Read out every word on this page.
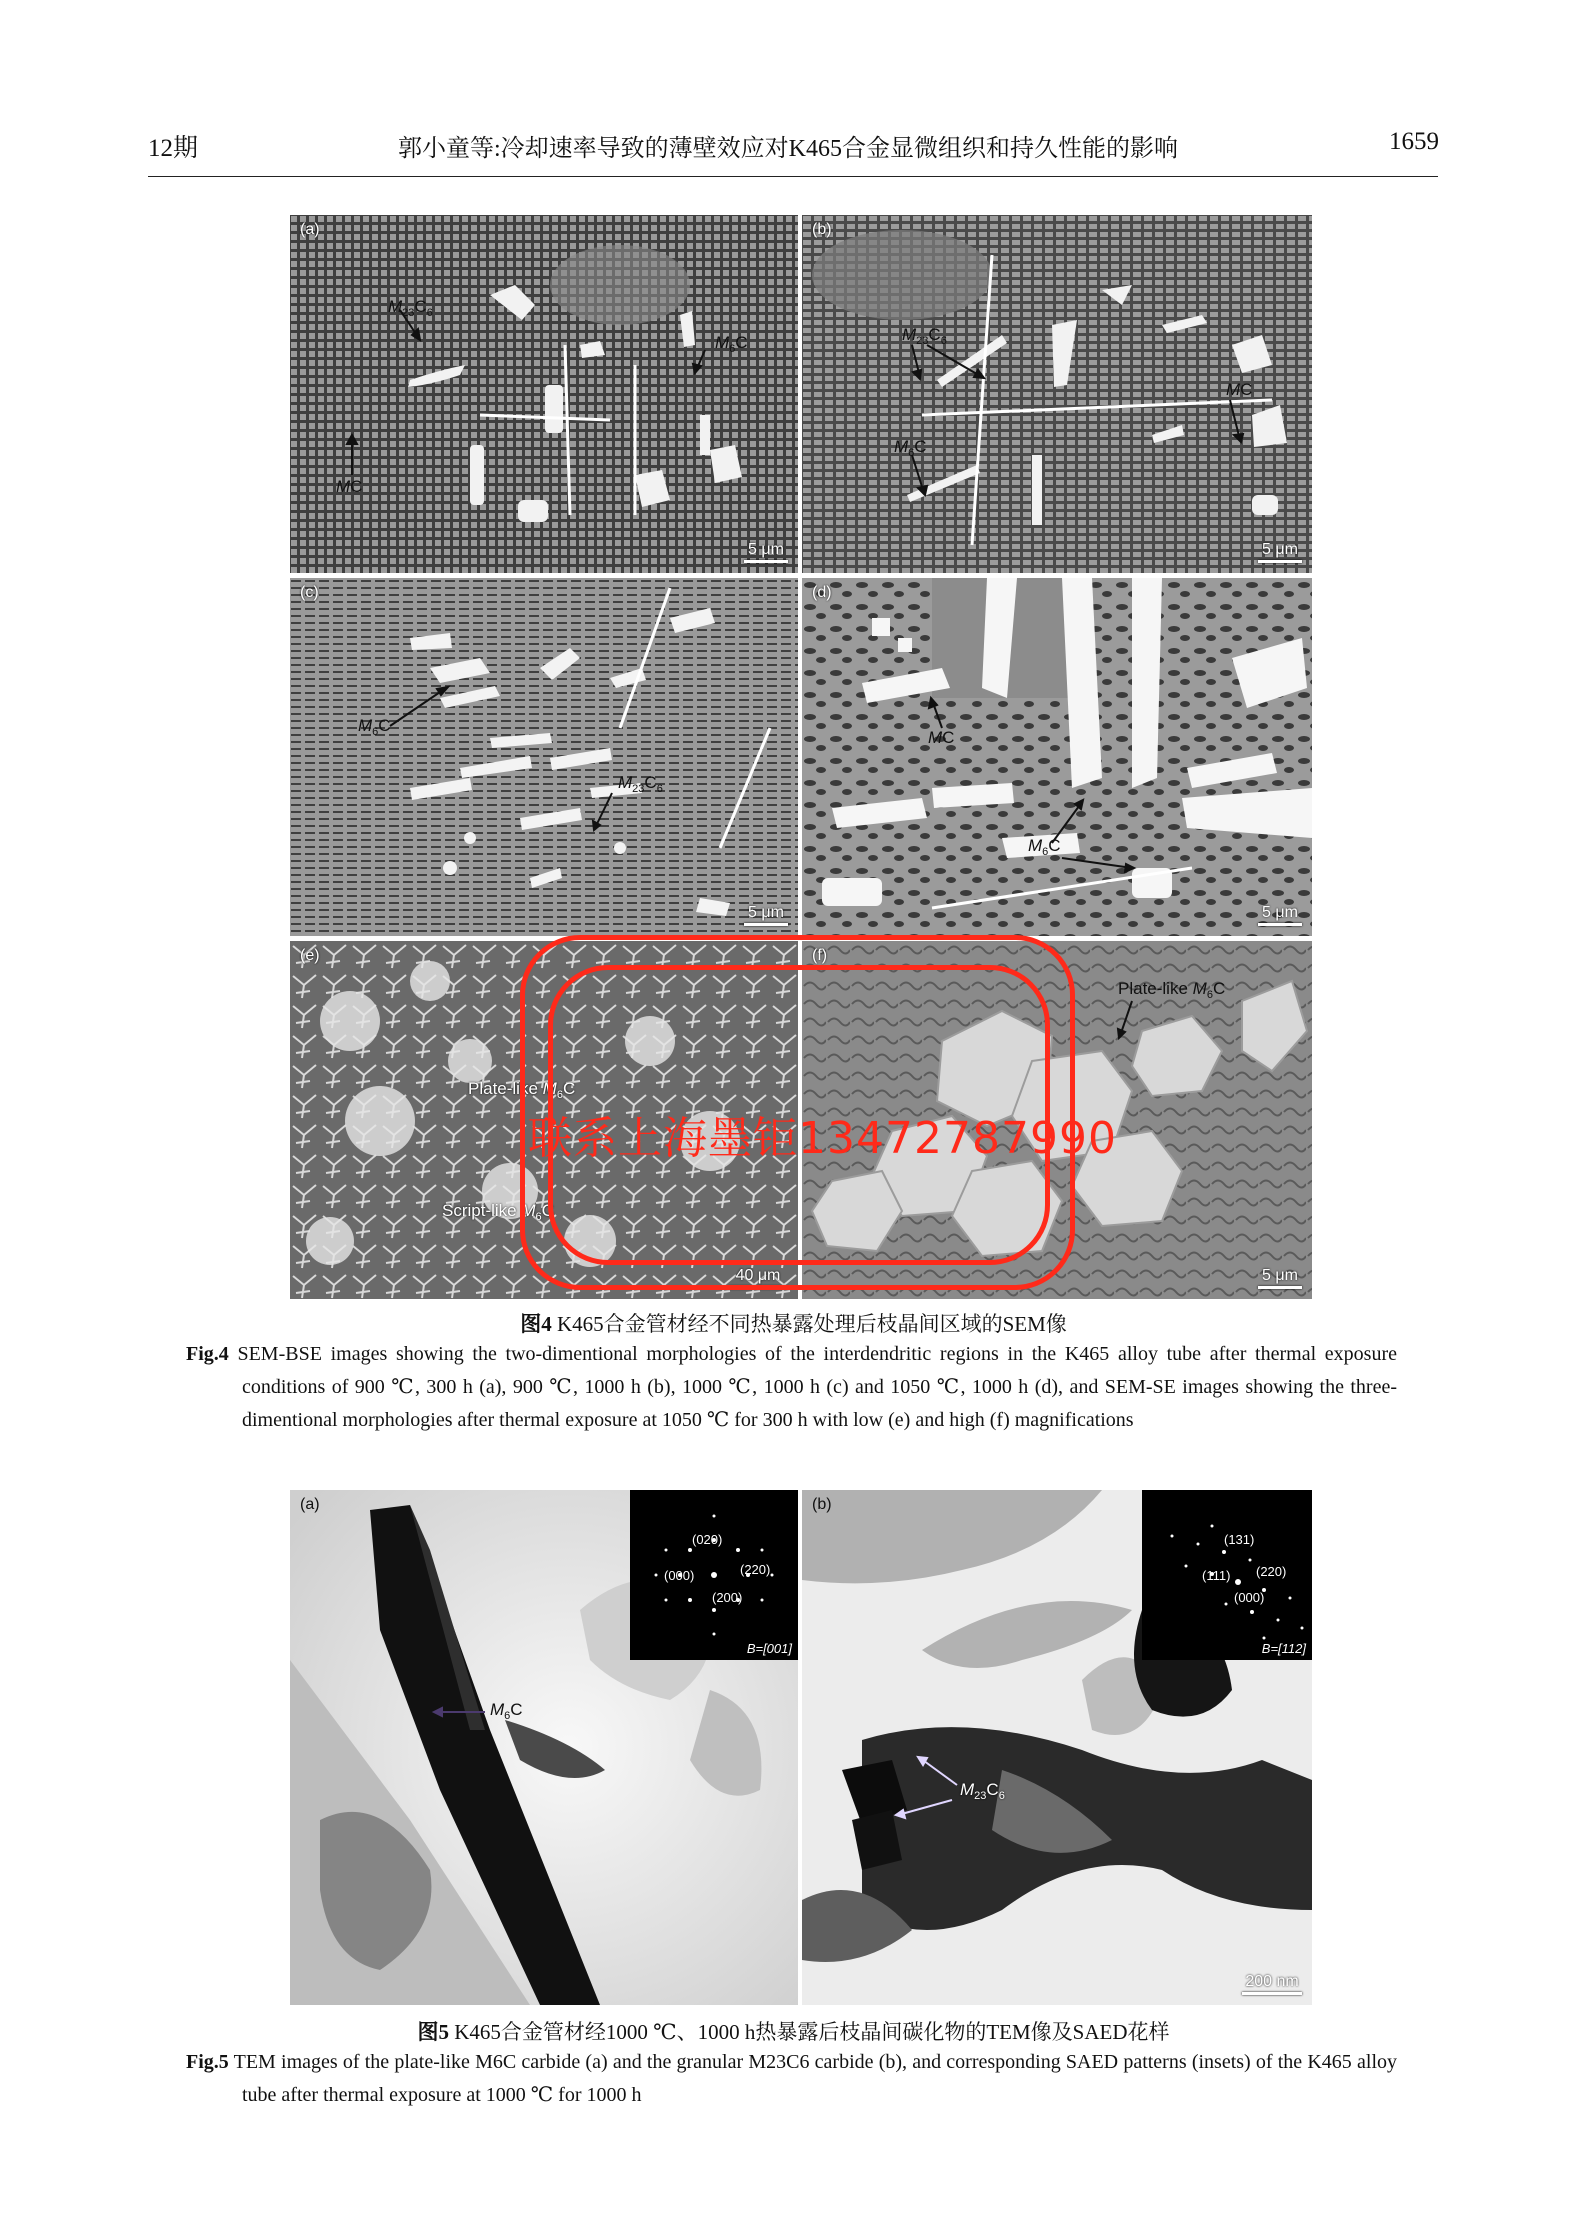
12期	郭小童等:冷却速率导致的薄壁效应对K465合金显微组织和持久性能的影响	1659
(a)
5 μm
$M_{23}C_6$
$M_6C$
MC
(b)
5 μm
$M_{23}C_6$
MC
$M_6C$
(c)
5 μm
$M_6C$
$M_{23}C_6$
(d)
5 μm
MC
$M_6C$
(e)
40 μm
Plate-like $M_6C$
Script-like $M_6C$
(f)
5 μm
Plate-like $M_6C$
联系上海墨钜13472787990
图4 K465合金管材经不同热暴露处理后枝晶间区域的SEM像
Fig.4 SEM-BSE images showing the two-dimentional morphologies of the interdendritic regions in the K465 alloy tube after thermal exposure conditions of 900 ℃, 300 h (a), 900 ℃, 1000 h (b), 1000 ℃, 1000 h (c) and 1050 ℃, 1000 h (d), and SEM-SE images showing the three-dimentional morphologies after thermal exposure at 1050 ℃ for 300 h with low (e) and high (f) magnifications
(a)
(020)
(000)	(220)
(200)
B=[001]
$M_6C$
(b)
(131)
(111) (220)
(000)
B=[112]
$M_{23}C_6$
200 nm
图5 K465合金管材经1000 ℃、1000 h热暴露后枝晶间碳化物的TEM像及SAED花样
Fig.5 TEM images of the plate-like M6C carbide (a) and the granular M23C6 carbide (b), and corresponding SAED patterns (insets) of the K465 alloy tube after thermal exposure at 1000 ℃ for 1000 h
